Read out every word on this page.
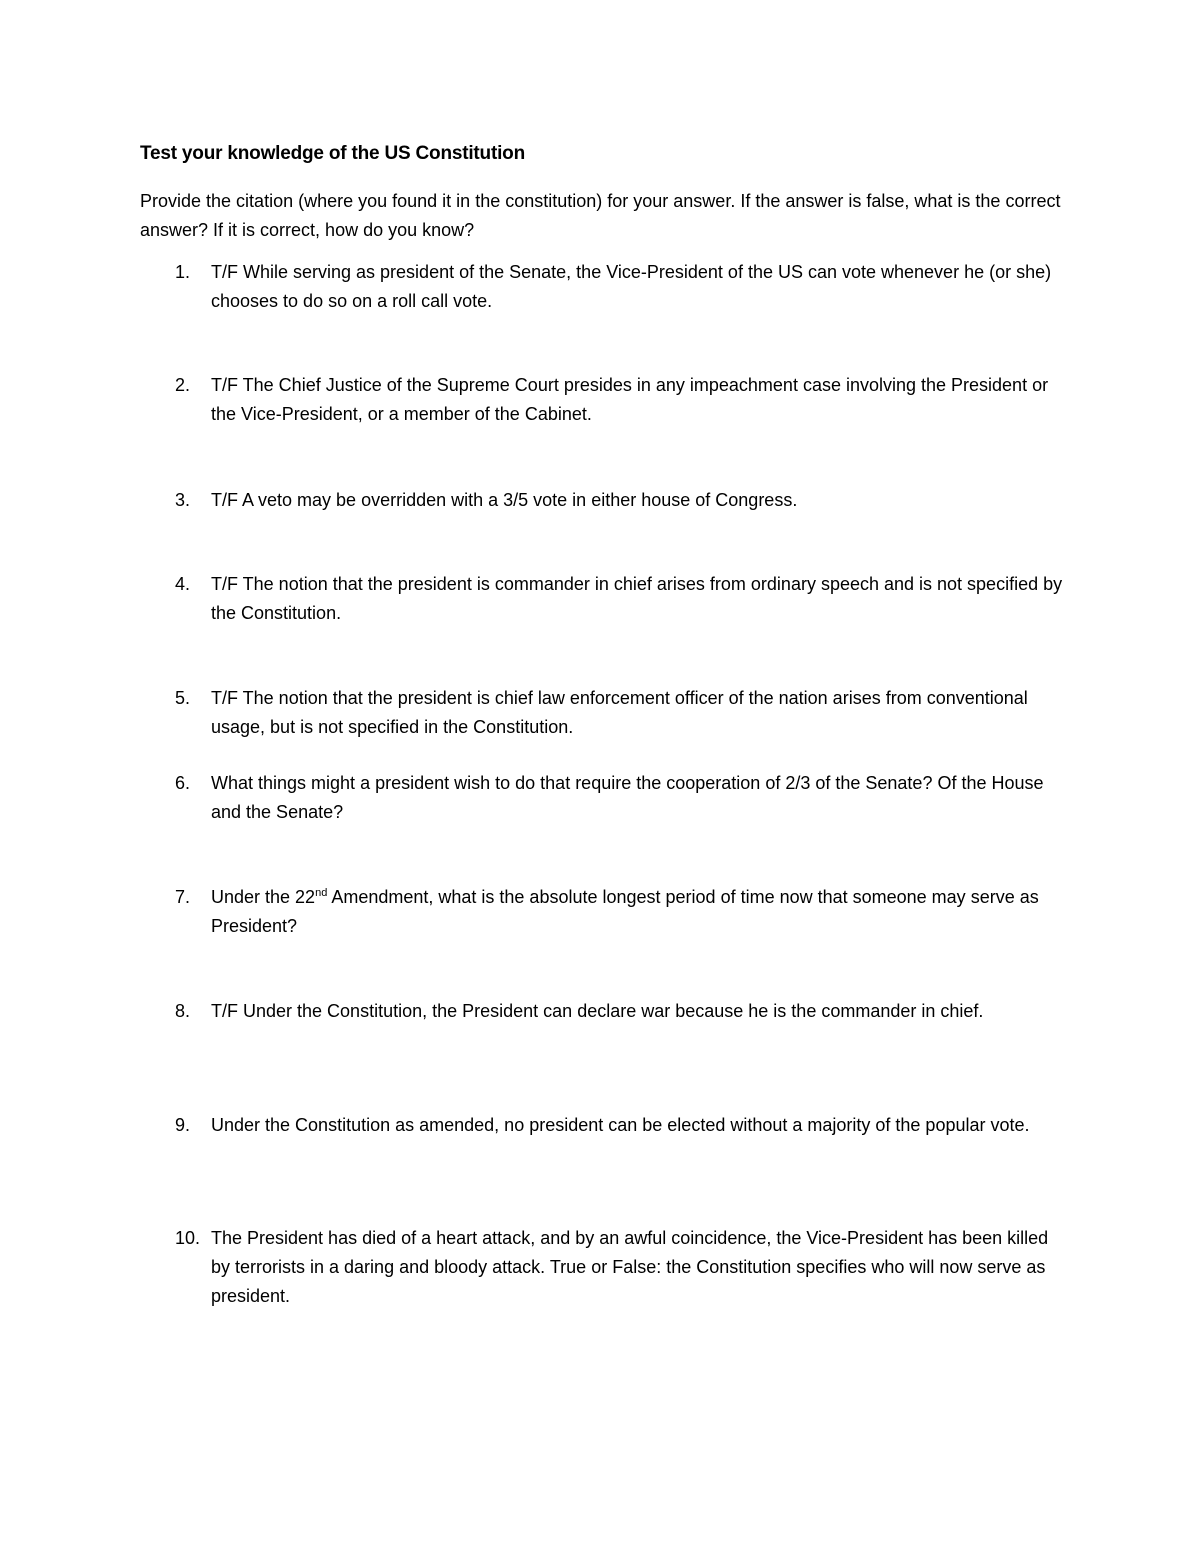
Test your knowledge of the US Constitution
Provide the citation (where you found it in the constitution) for your answer. If the answer is false, what is the correct answer? If it is correct, how do you know?
1. T/F While serving as president of the Senate, the Vice-President of the US can vote whenever he (or she) chooses to do so on a roll call vote.
2. T/F The Chief Justice of the Supreme Court presides in any impeachment case involving the President or the Vice-President, or a member of the Cabinet.
3. T/F A veto may be overridden with a 3/5 vote in either house of Congress.
4. T/F The notion that the president is commander in chief arises from ordinary speech and is not specified by the Constitution.
5. T/F The notion that the president is chief law enforcement officer of the nation arises from conventional usage, but is not specified in the Constitution.
6. What things might a president wish to do that require the cooperation of 2/3 of the Senate? Of the House and the Senate?
7. Under the 22nd Amendment, what is the absolute longest period of time now that someone may serve as President?
8. T/F Under the Constitution, the President can declare war because he is the commander in chief.
9. Under the Constitution as amended, no president can be elected without a majority of the popular vote.
10. The President has died of a heart attack, and by an awful coincidence, the Vice-President has been killed by terrorists in a daring and bloody attack. True or False: the Constitution specifies who will now serve as president.
